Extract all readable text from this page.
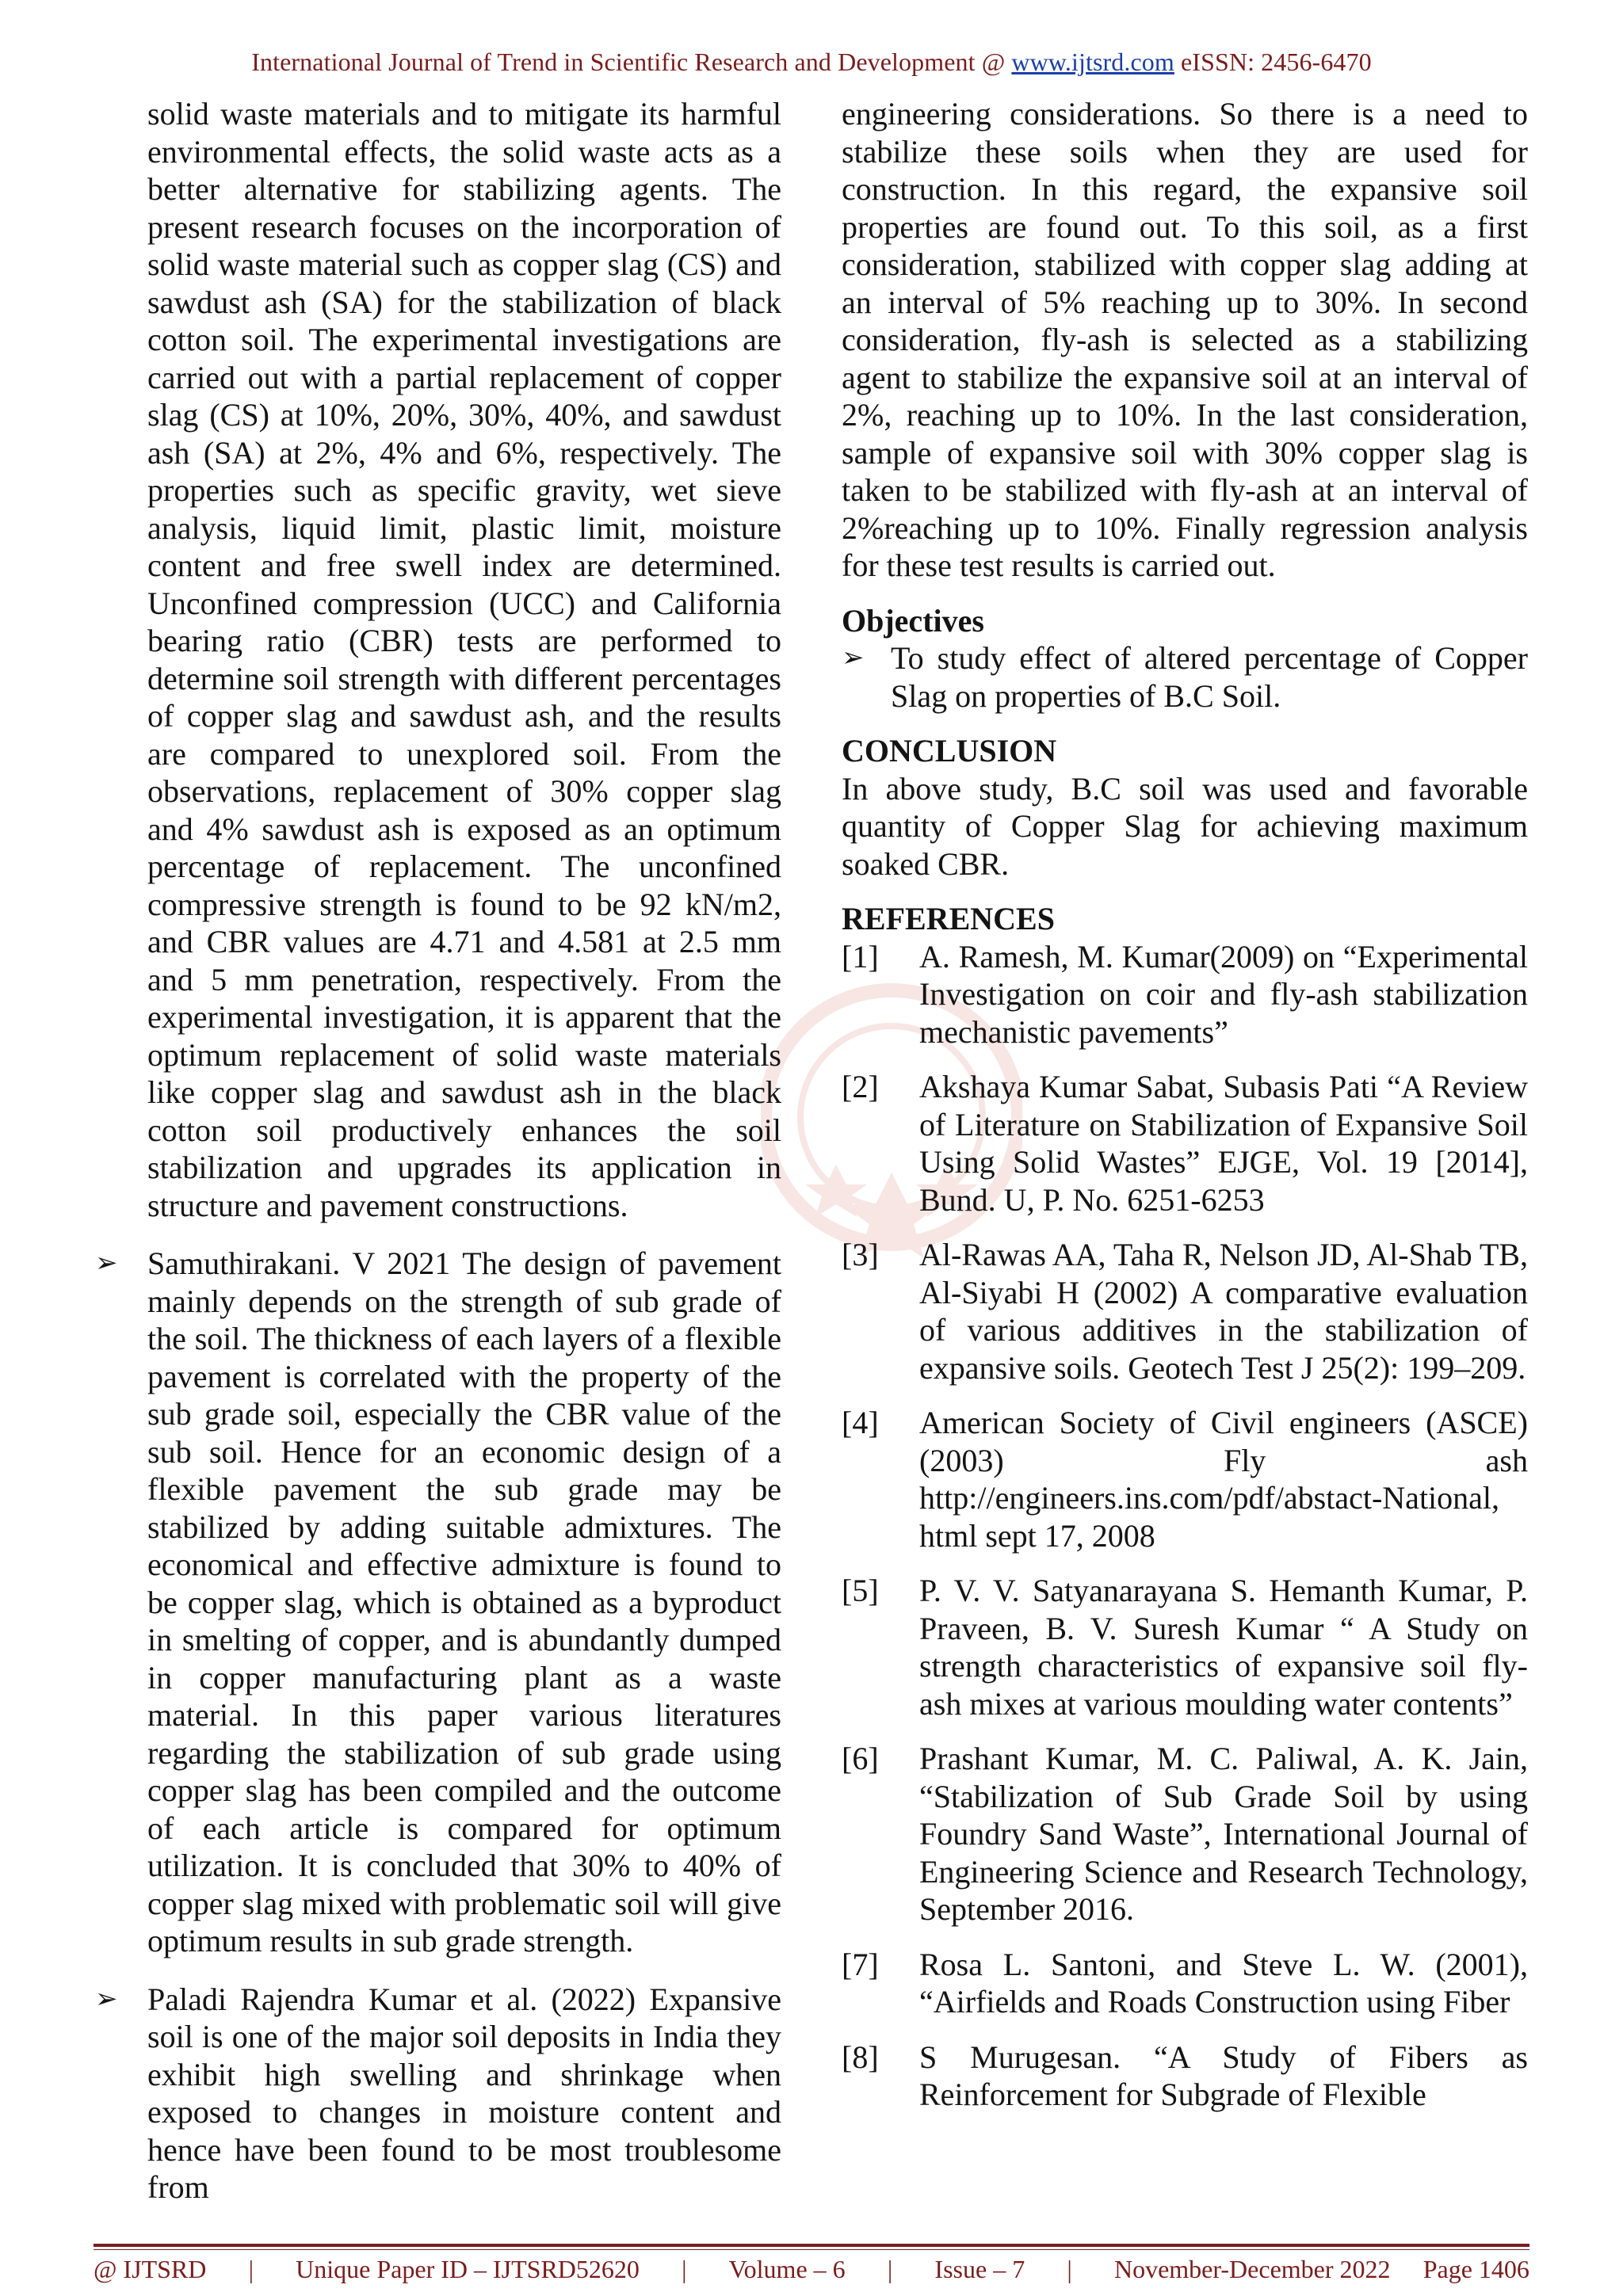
International Journal of Trend in Scientific Research and Development @ www.ijtsrd.com eISSN: 2456-6470

solid waste materials and to mitigate its harmful environmental effects, the solid waste acts as a better alternative for stabilizing agents. The present research focuses on the incorporation of solid waste material such as copper slag (CS) and sawdust ash (SA) for the stabilization of black cotton soil. The experimental investigations are carried out with a partial replacement of copper slag (CS) at 10%, 20%, 30%, 40%, and sawdust ash (SA) at 2%, 4% and 6%, respectively. The properties such as specific gravity, wet sieve analysis, liquid limit, plastic limit, moisture content and free swell index are determined. Unconfined compression (UCC) and California bearing ratio (CBR) tests are performed to determine soil strength with different percentages of copper slag and sawdust ash, and the results are compared to unexplored soil. From the observations, replacement of 30% copper slag and 4% sawdust ash is exposed as an optimum percentage of replacement. The unconfined compressive strength is found to be 92 kN/m2, and CBR values are 4.71 and 4.581 at 2.5 mm and 5 mm penetration, respectively. From the experimental investigation, it is apparent that the optimum replacement of solid waste materials like copper slag and sawdust ash in the black cotton soil productively enhances the soil stabilization and upgrades its application in structure and pavement constructions.

➢ Samuthirakani. V 2021 The design of pavement mainly depends on the strength of sub grade of the soil. The thickness of each layers of a flexible pavement is correlated with the property of the sub grade soil, especially the CBR value of the sub soil. Hence for an economic design of a flexible pavement the sub grade may be stabilized by adding suitable admixtures. The economical and effective admixture is found to be copper slag, which is obtained as a byproduct in smelting of copper, and is abundantly dumped in copper manufacturing plant as a waste material. In this paper various literatures regarding the stabilization of sub grade using copper slag has been compiled and the outcome of each article is compared for optimum utilization. It is concluded that 30% to 40% of copper slag mixed with problematic soil will give optimum results in sub grade strength.

➢ Paladi Rajendra Kumar et al. (2022) Expansive soil is one of the major soil deposits in India they exhibit high swelling and shrinkage when exposed to changes in moisture content and hence have been found to be most troublesome from

engineering considerations. So there is a need to stabilize these soils when they are used for construction. In this regard, the expansive soil properties are found out. To this soil, as a first consideration, stabilized with copper slag adding at an interval of 5% reaching up to 30%. In second consideration, fly-ash is selected as a stabilizing agent to stabilize the expansive soil at an interval of 2%, reaching up to 10%. In the last consideration, sample of expansive soil with 30% copper slag is taken to be stabilized with fly-ash at an interval of 2%reaching up to 10%. Finally regression analysis for these test results is carried out.

Objectives
➢ To study effect of altered percentage of Copper Slag on properties of B.C Soil.
CONCLUSION

In above study, B.C soil was used and favorable quantity of Copper Slag for achieving maximum soaked CBR.

REFERENCES
[1] A. Ramesh, M. Kumar(2009) on “Experimental Investigation on coir and fly-ash stabilization mechanistic pavements”
[2] Akshaya Kumar Sabat, Subasis Pati “A Review of Literature on Stabilization of Expansive Soil Using Solid Wastes” EJGE, Vol. 19 [2014], Bund. U, P. No. 6251-6253
[3] Al-Rawas AA, Taha R, Nelson JD, Al-Shab TB, Al-Siyabi H (2002) A comparative evaluation of various additives in the stabilization of expansive soils. Geotech Test J 25(2): 199–209.
[4] American Society of Civil engineers (ASCE)(2003) Fly ash http://engineers.ins.com/pdf/abstact-National, html sept 17, 2008
[5] P. V. V. Satyanarayana S. Hemanth Kumar, P. Praveen, B. V. Suresh Kumar “ A Study on strength characteristics of expansive soil fly-ash mixes at various moulding water contents”
[6] Prashant Kumar, M. C. Paliwal, A. K. Jain, “Stabilization of Sub Grade Soil by using Foundry Sand Waste”, International Journal of Engineering Science and Research Technology, September 2016.
[7] Rosa L. Santoni, and Steve L. W. (2001), “Airfields and Roads Construction using Fiber
[8] S Murugesan. “A Study of Fibers as Reinforcement for Subgrade of Flexible
@ IJTSRD	|	Unique Paper ID – IJTSRD52620	|	Volume – 6	|	Issue – 7	|	November-December 2022 Page 1406
